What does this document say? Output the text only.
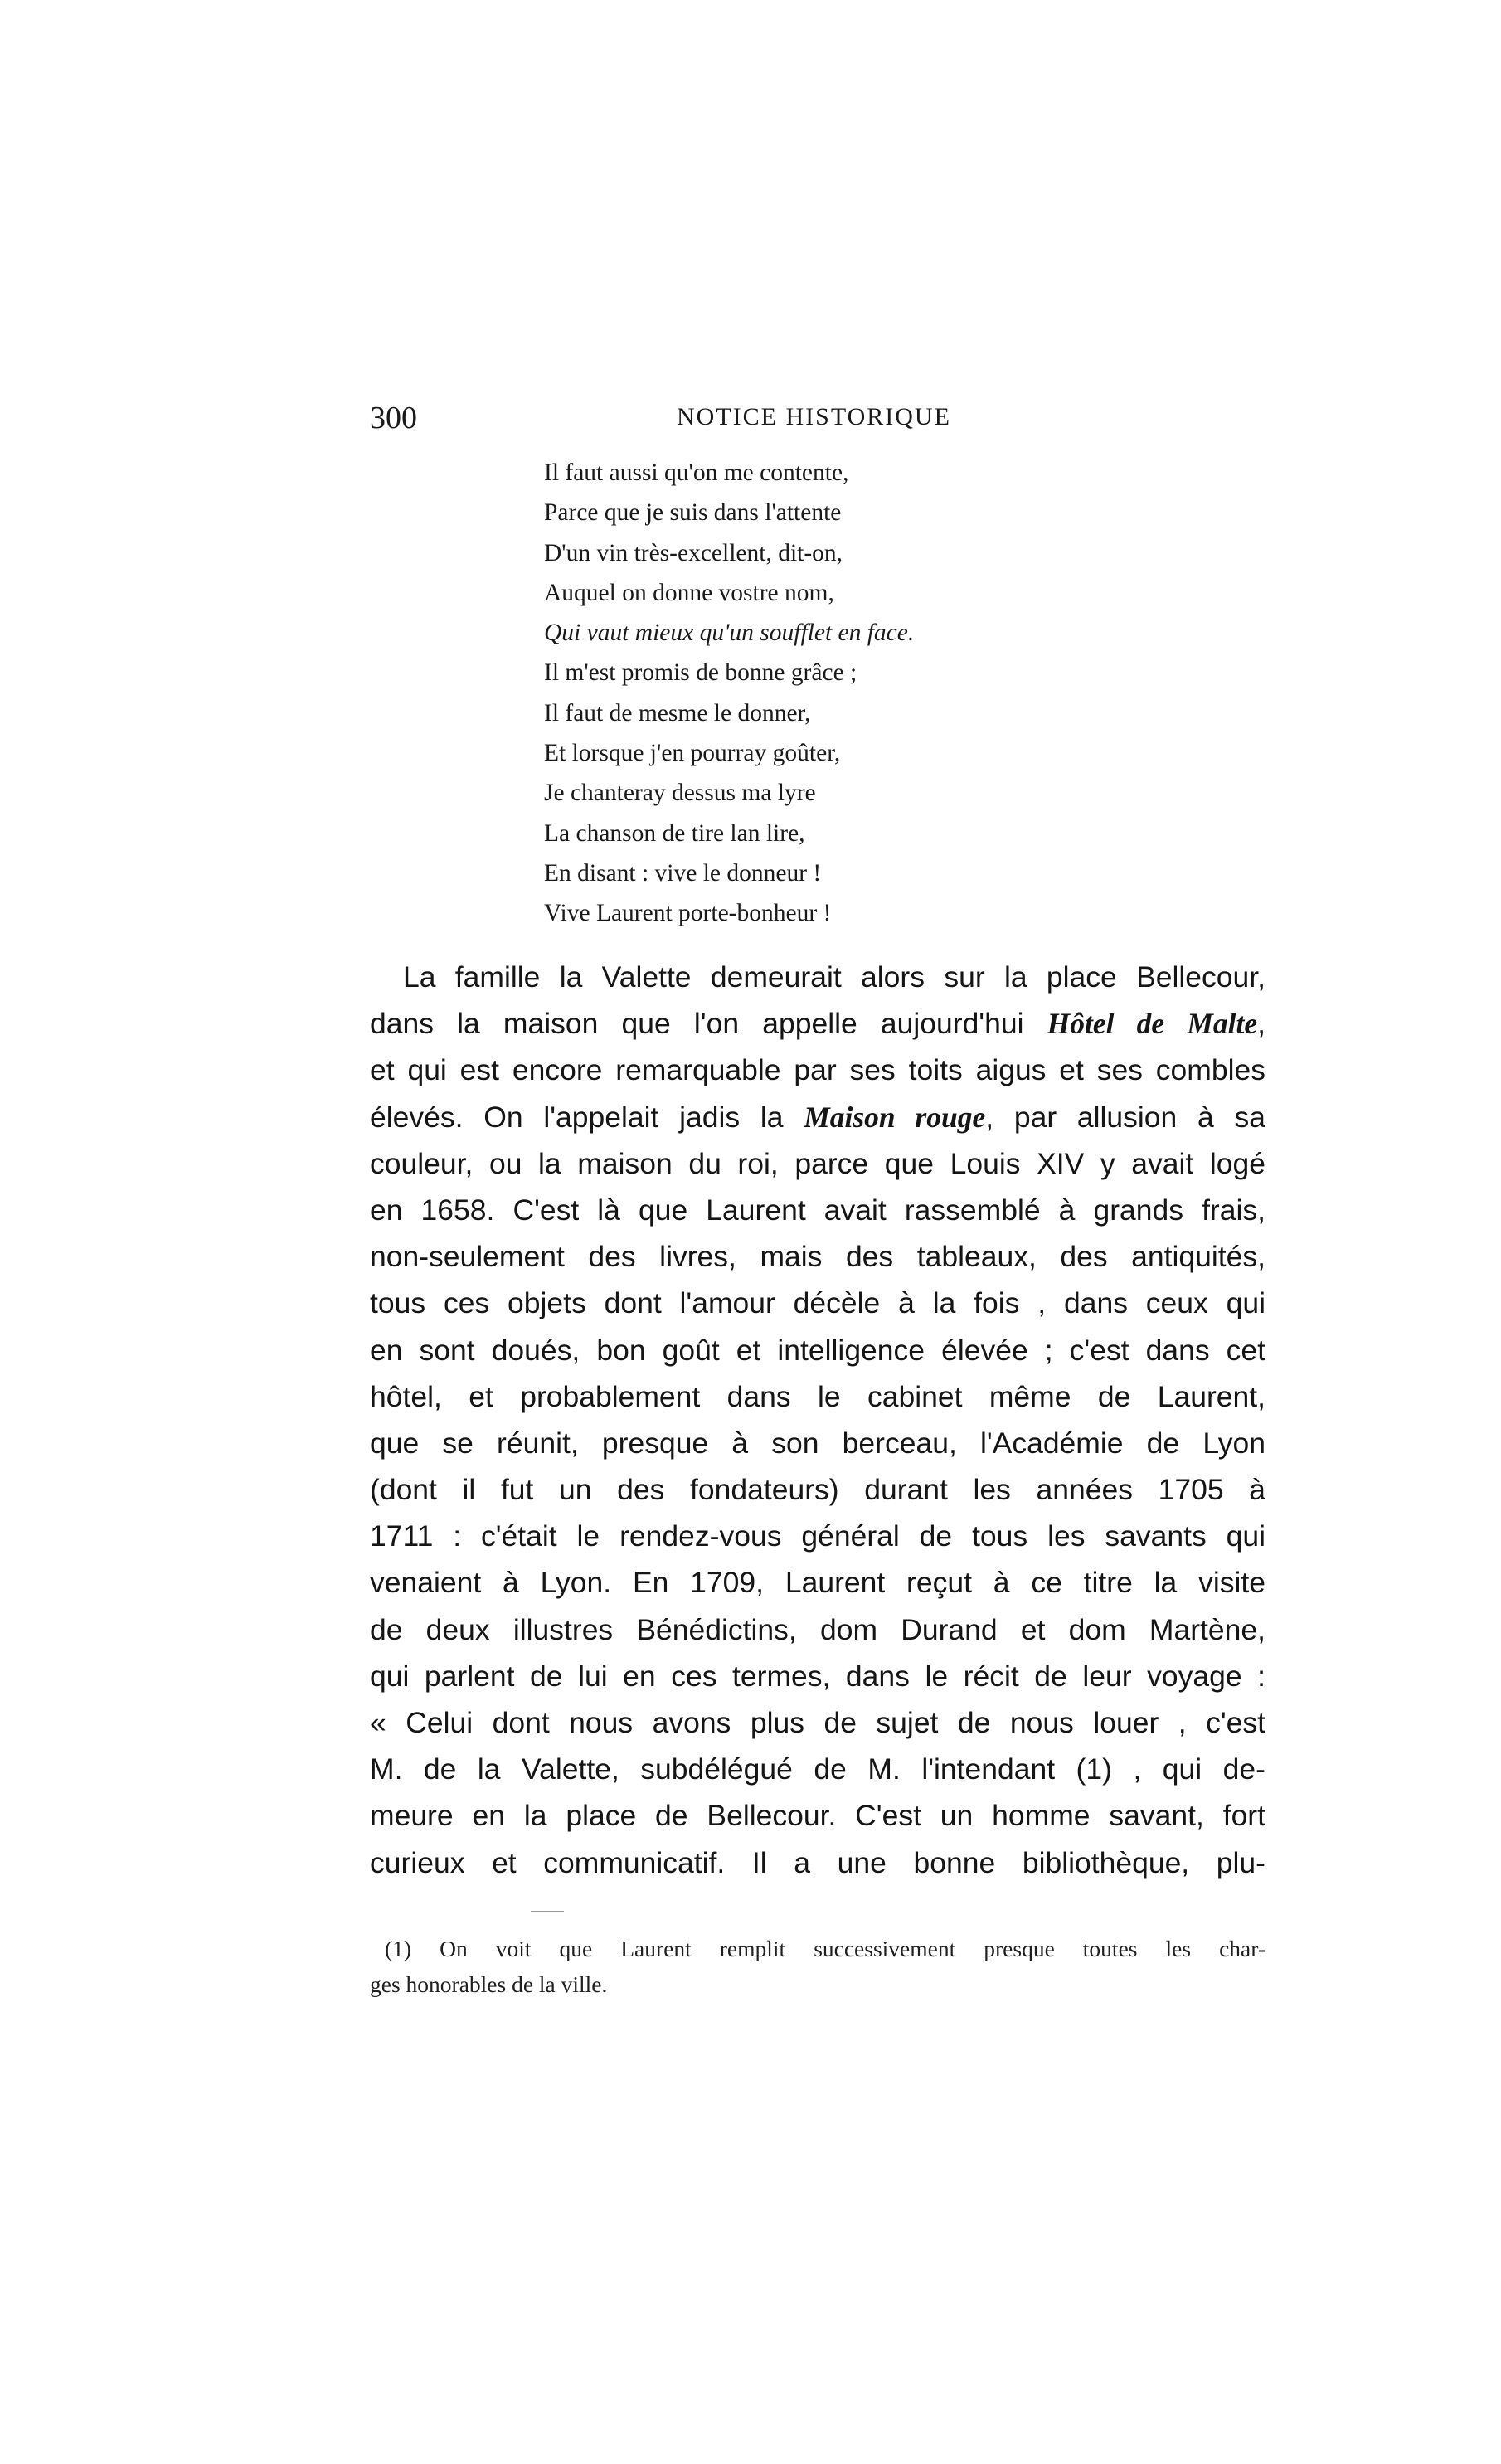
300	NOTICE HISTORIQUE
Il faut aussi qu'on me contente,
Parce que je suis dans l'attente
D'un vin très-excellent, dit-on,
Auquel on donne vostre nom,
Qui vaut mieux qu'un soufflet en face.
Il m'est promis de bonne grâce ;
Il faut de mesme le donner,
Et lorsque j'en pourray goûter,
Je chanteray dessus ma lyre
La chanson de tire lan lire,
En disant : vive le donneur !
Vive Laurent porte-bonheur !
La famille la Valette demeurait alors sur la place Bellecour,
dans la maison que l'on appelle aujourd'hui Hôtel de Malte,
et qui est encore remarquable par ses toits aigus et ses combles
élevés. On l'appelait jadis la Maison rouge, par allusion à sa
couleur, ou la maison du roi, parce que Louis XIV y avait logé
en 1658. C'est là que Laurent avait rassemblé à grands frais,
non-seulement des livres, mais des tableaux, des antiquités,
tous ces objets dont l'amour décèle à la fois , dans ceux qui
en sont doués, bon goût et intelligence élevée ; c'est dans cet
hôtel, et probablement dans le cabinet même de Laurent,
que se réunit, presque à son berceau, l'Académie de Lyon
(dont il fut un des fondateurs) durant les années 1705 à
1711 : c'était le rendez-vous général de tous les savants qui
venaient à Lyon. En 1709, Laurent reçut à ce titre la visite
de deux illustres Bénédictins, dom Durand et dom Martène,
qui parlent de lui en ces termes, dans le récit de leur voyage :
« Celui dont nous avons plus de sujet de nous louer , c'est
M. de la Valette, subdélégué de M. l'intendant (1) , qui de-
meure en la place de Bellecour. C'est un homme savant, fort
curieux et communicatif. Il a une bonne bibliothèque, plu-
(1) On voit que Laurent remplit successivement presque toutes les char-
ges honorables de la ville.
